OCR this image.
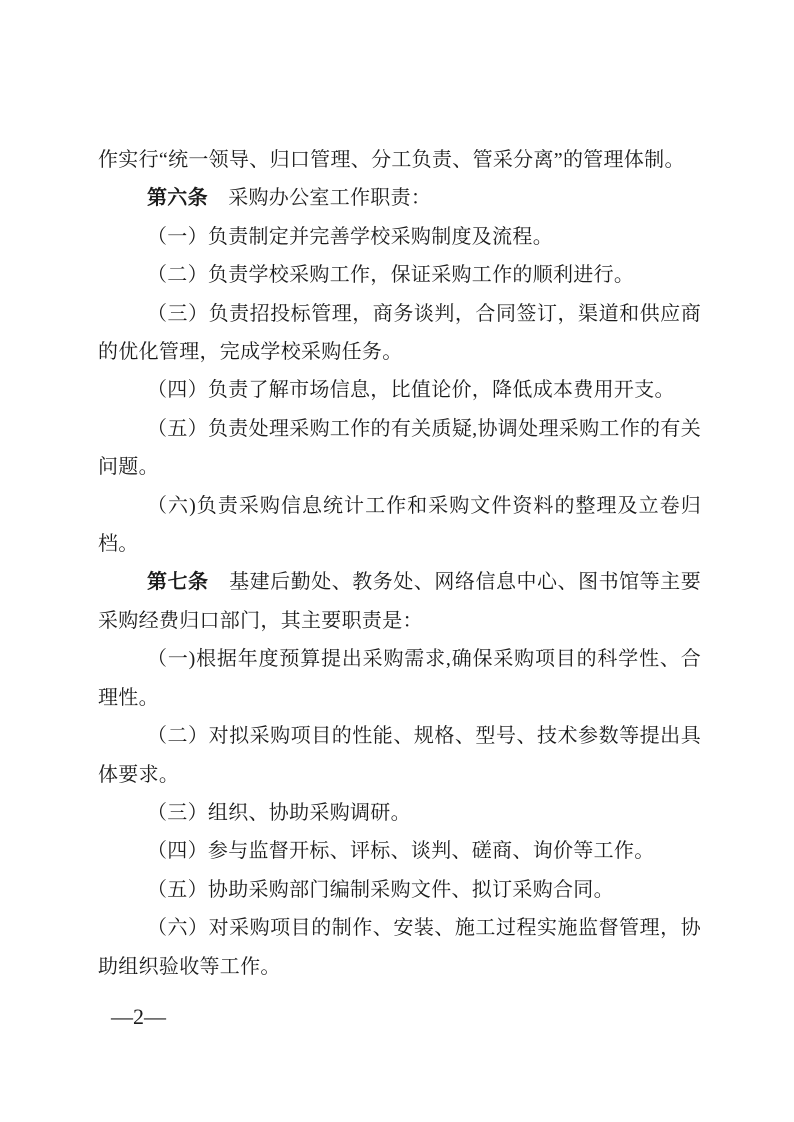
作实行“统一领导、归口管理、分工负责、管采分离”的管理体制。

第六条　采购办公室工作职责：

（一）负责制定并完善学校采购制度及流程。

（二）负责学校采购工作，保证采购工作的顺利进行。

（三）负责招投标管理，商务谈判，合同签订，渠道和供应商的优化管理，完成学校采购任务。

（四）负责了解市场信息，比值论价，降低成本费用开支。

（五）负责处理采购工作的有关质疑,协调处理采购工作的有关问题。

（六)负责采购信息统计工作和采购文件资料的整理及立卷归档。

第七条　基建后勤处、教务处、网络信息中心、图书馆等主要采购经费归口部门，其主要职责是：

（一)根据年度预算提出采购需求,确保采购项目的科学性、合理性。

（二）对拟采购项目的性能、规格、型号、技术参数等提出具体要求。

（三）组织、协助采购调研。

（四）参与监督开标、评标、谈判、磋商、询价等工作。

（五）协助采购部门编制采购文件、拟订采购合同。

（六）对采购项目的制作、安装、施工过程实施监督管理，协助组织验收等工作。

—2—
